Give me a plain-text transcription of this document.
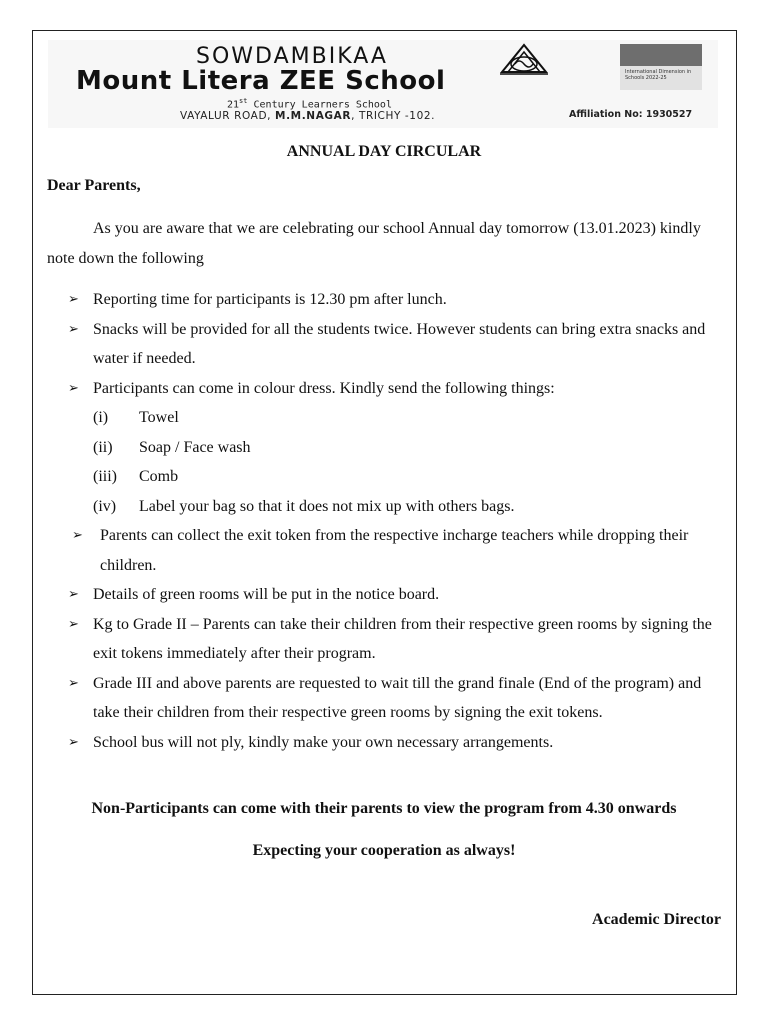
SOWDAMBIKAA
Mount Litera ZEE School	International Dimension in Schools 2022-25
21st Century Learners School
VAYALUR ROAD, M.M.NAGAR, TRICHY -102.	Affiliation No: 1930527
ANNUAL DAY CIRCULAR
Dear Parents,
As you are aware that we are celebrating our school Annual day tomorrow (13.01.2023) kindly note down the following
➢ Reporting time for participants is 12.30 pm after lunch.
➢ Snacks will be provided for all the students twice. However students can bring extra snacks and water if needed.
➢ Participants can come in colour dress. Kindly send the following things:
(i) Towel
(ii) Soap / Face wash
(iii) Comb
(iv) Label your bag so that it does not mix up with others bags.
➢ Parents can collect the exit token from the respective incharge teachers while dropping their children.
➢ Details of green rooms will be put in the notice board.
➢ Kg to Grade II – Parents can take their children from their respective green rooms by signing the exit tokens immediately after their program.
➢ Grade III and above parents are requested to wait till the grand finale (End of the program) and take their children from their respective green rooms by signing the exit tokens.
➢ School bus will not ply, kindly make your own necessary arrangements.
Non-Participants can come with their parents to view the program from 4.30 onwards
Expecting your cooperation as always!
Academic Director
